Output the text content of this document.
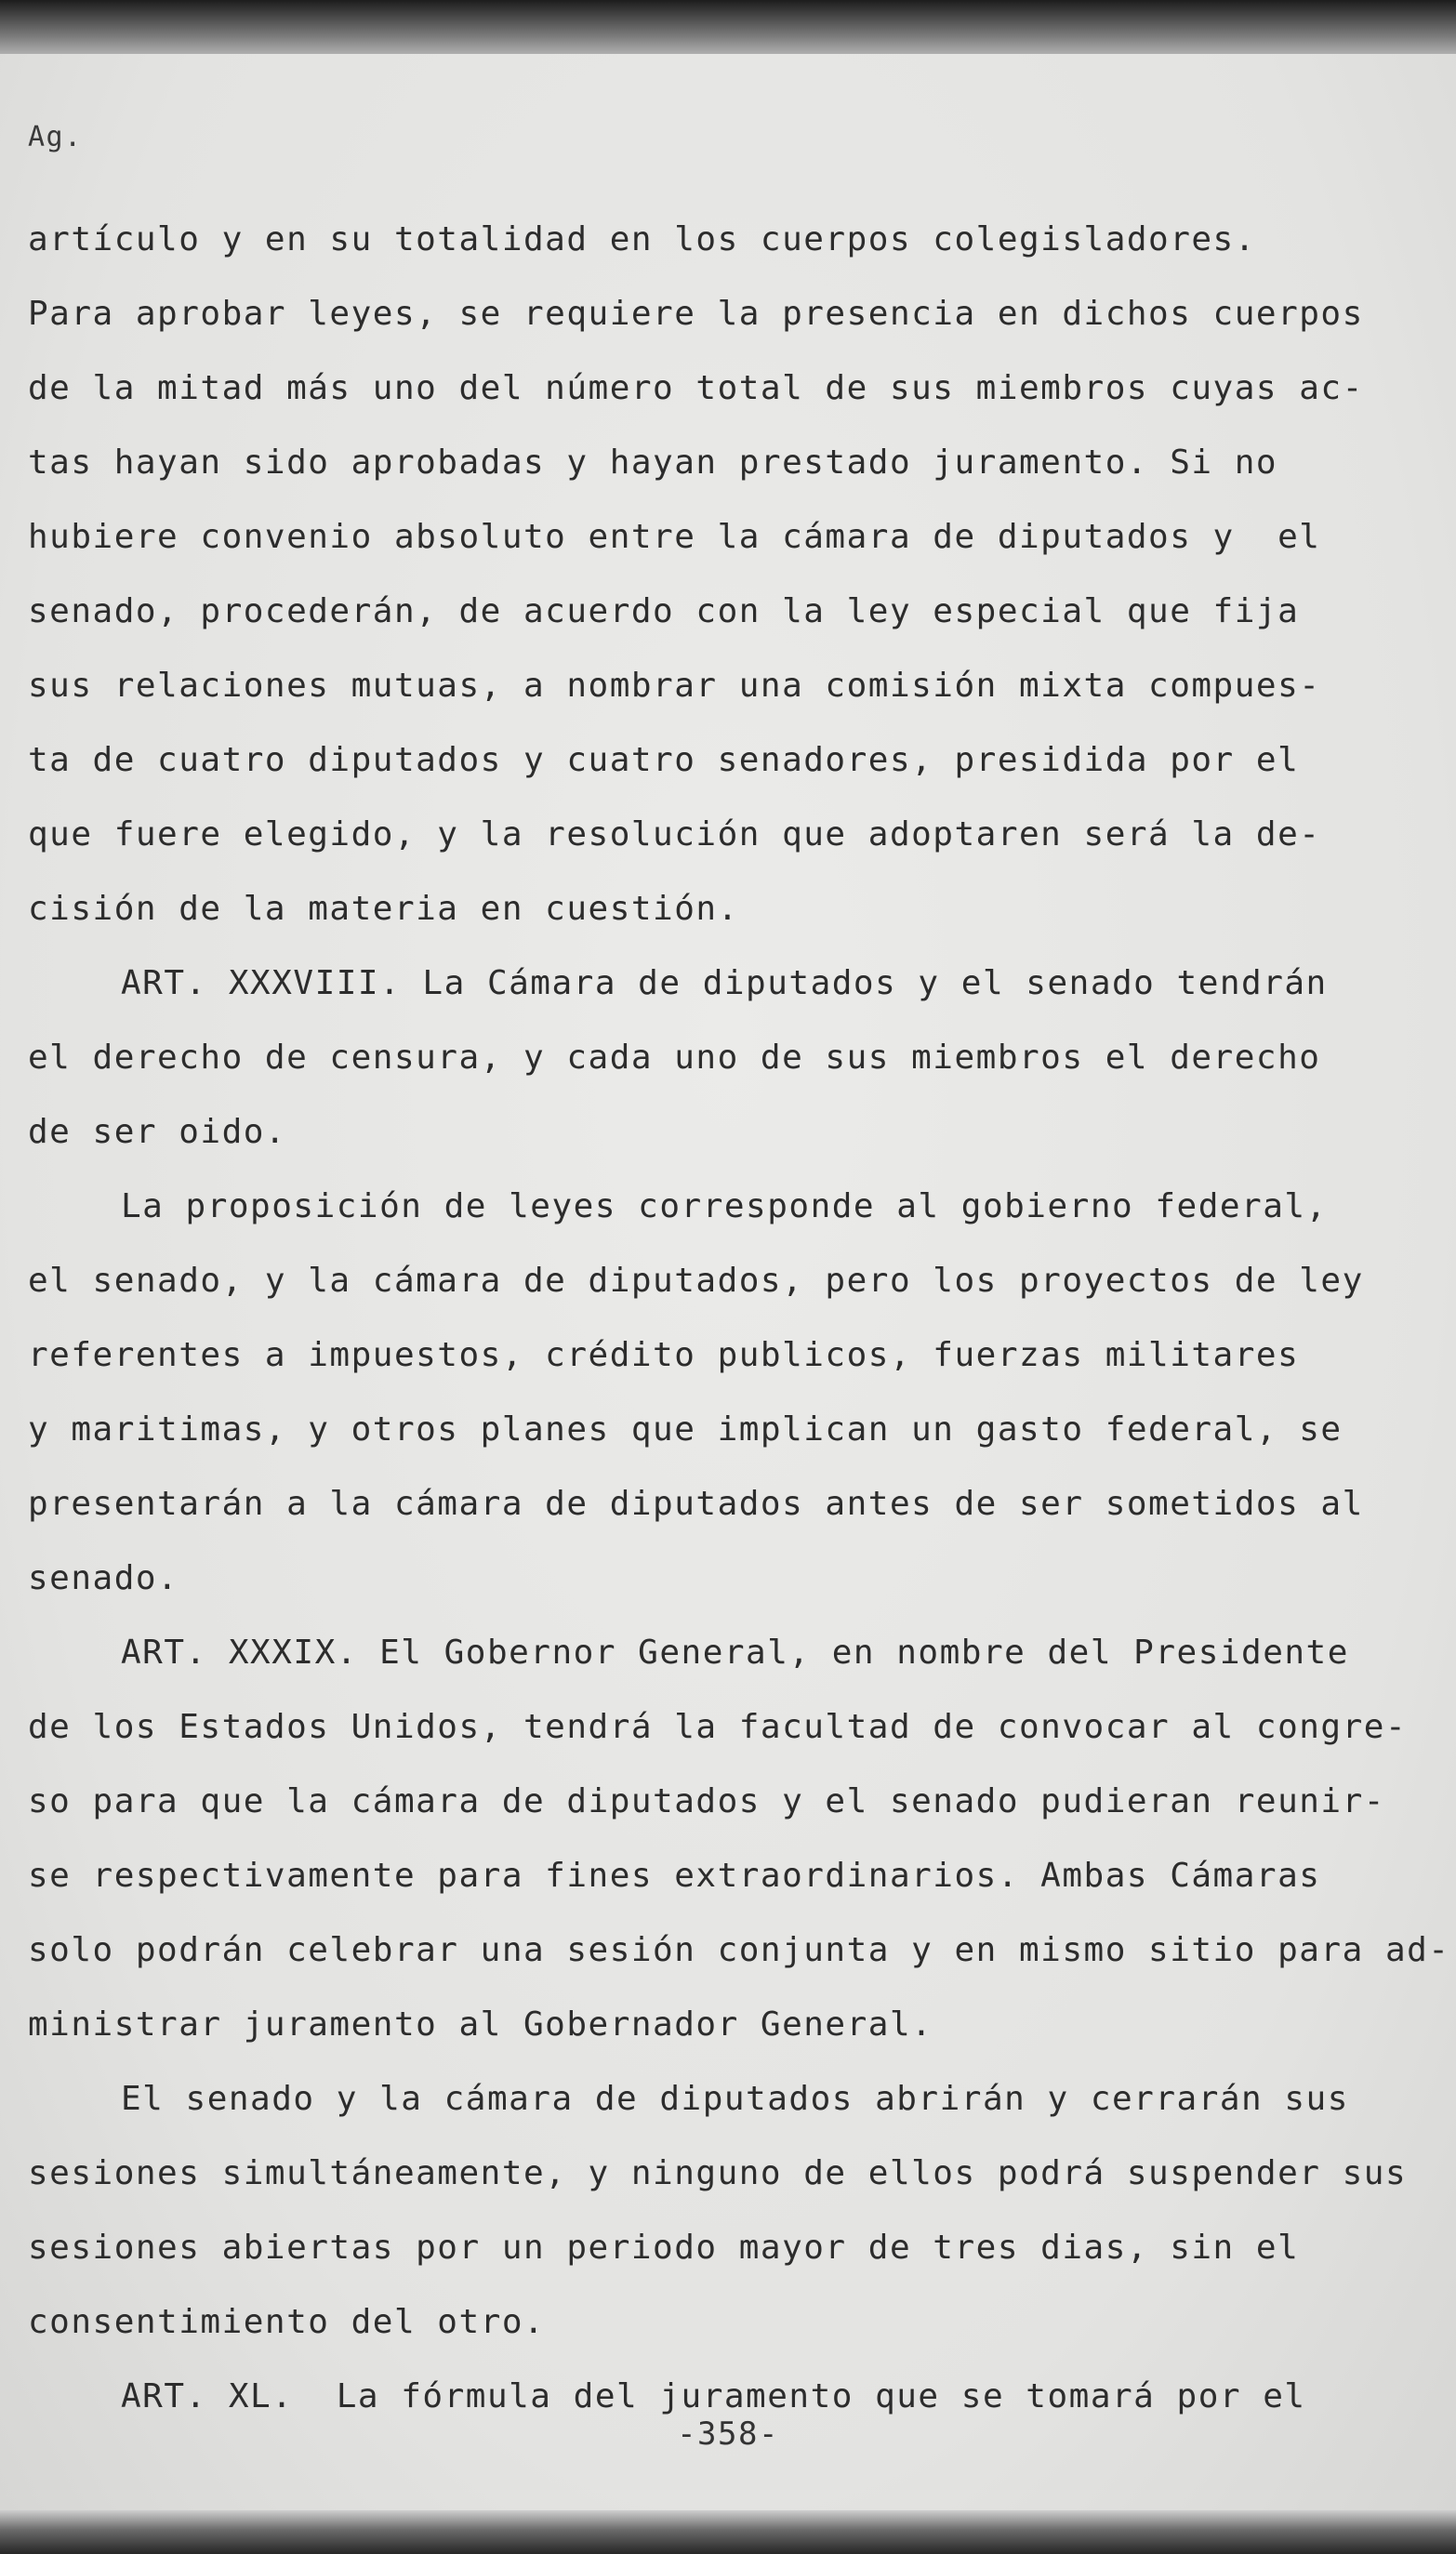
Ag.
artículo y en su totalidad en los cuerpos colegisladores.
Para aprobar leyes, se requiere la presencia en dichos cuerpos
de la mitad más uno del número total de sus miembros cuyas ac-
tas hayan sido aprobadas y hayan prestado juramento. Si no
hubiere convenio absoluto entre la cámara de diputados y  el
senado, procederán, de acuerdo con la ley especial que fija
sus relaciones mutuas, a nombrar una comisión mixta compues-
ta de cuatro diputados y cuatro senadores, presidida por el
que fuere elegido, y la resolución que adoptaren será la de-
cisión de la materia en cuestión.
ART. XXXVIII. La Cámara de diputados y el senado tendrán
el derecho de censura, y cada uno de sus miembros el derecho
de ser oido.
La proposición de leyes corresponde al gobierno federal,
el senado, y la cámara de diputados, pero los proyectos de ley
referentes a impuestos, crédito publicos, fuerzas militares
y maritimas, y otros planes que implican un gasto federal, se
presentarán a la cámara de diputados antes de ser sometidos al
senado.
ART. XXXIX. El Gobernor General, en nombre del Presidente
de los Estados Unidos, tendrá la facultad de convocar al congre-
so para que la cámara de diputados y el senado pudieran reunir-
se respectivamente para fines extraordinarios. Ambas Cámaras
solo podrán celebrar una sesión conjunta y en mismo sitio para ad-
ministrar juramento al Gobernador General.
El senado y la cámara de diputados abrirán y cerrarán sus
sesiones simultáneamente, y ninguno de ellos podrá suspender sus
sesiones abiertas por un periodo mayor de tres dias, sin el
consentimiento del otro.
ART. XL.  La fórmula del juramento que se tomará por el
-358-
